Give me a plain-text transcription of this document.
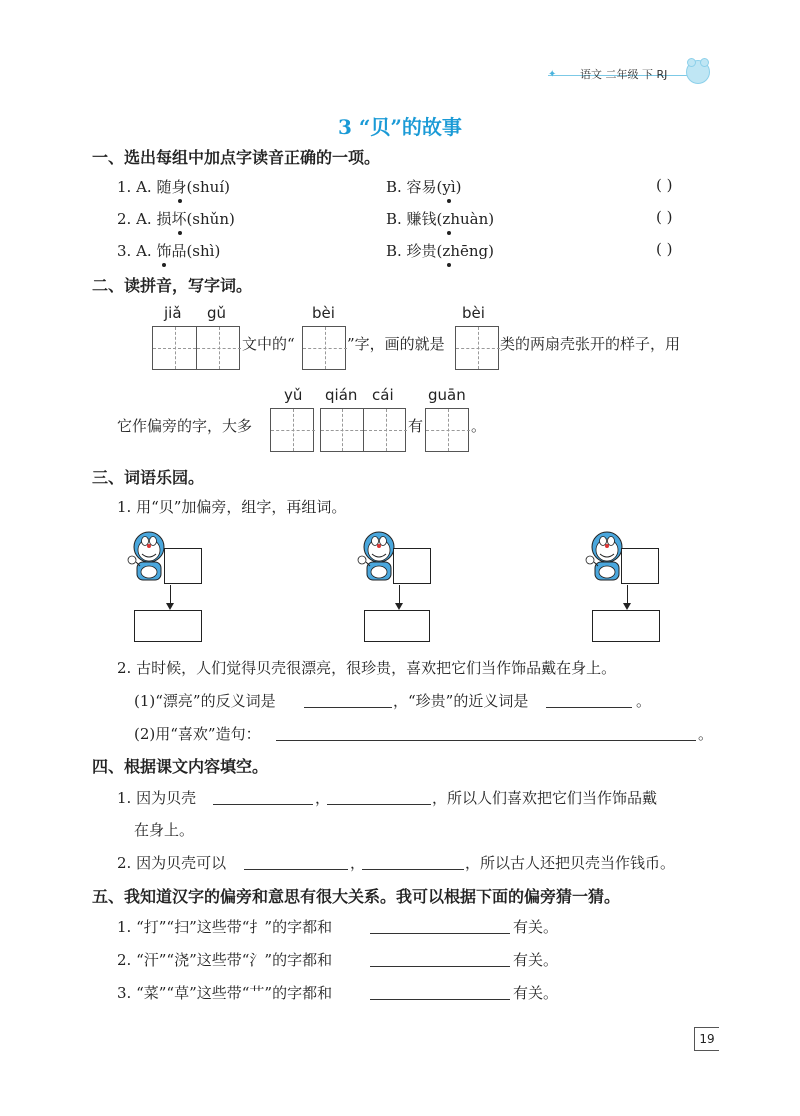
✦ 语文 二年级 下 RJ
3 “贝”的故事
一、选出每组中加点字读音正确的一项。
1. A. 随身(shuí)	B. 容易(yì)	( )
2. A. 损坏(shǔn)	B. 赚钱(zhuàn)	( )
3. A. 饰品(shì)	B. 珍贵(zhēng)	( )
二、读拼音，写字词。
jiǎ gǔ	bèi	bèi
文中的“	”字，画的就是	类的两扇壳张开的样子，用
yǔ qián cái guān
它作偏旁的字，大多	有	。
三、词语乐园。
1. 用“贝”加偏旁，组字，再组词。
2. 古时候，人们觉得贝壳很漂亮，很珍贵，喜欢把它们当作饰品戴在身上。
(1)“漂亮”的反义词是	，“珍贵”的近义词是	。
(2)用“喜欢”造句：	。
四、根据课文内容填空。
1. 因为贝壳	，	，所以人们喜欢把它们当作饰品戴
在身上。
2. 因为贝壳可以	，	，所以古人还把贝壳当作钱币。
五、我知道汉字的偏旁和意思有很大关系。我可以根据下面的偏旁猜一猜。
1. “打”“扫”这些带“扌”的字都和	有关。
2. “汗”“浇”这些带“氵”的字都和	有关。
3. “菜”“草”这些带“艹”的字都和	有关。
19
